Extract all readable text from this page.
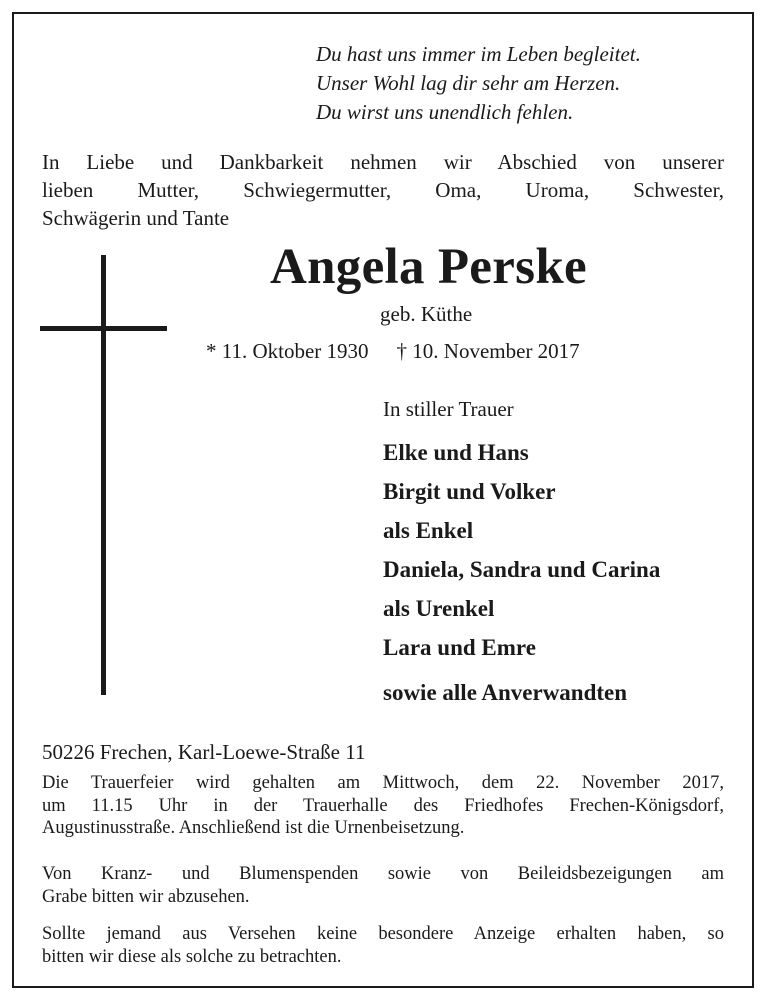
Du hast uns immer im Leben begleitet.
Unser Wohl lag dir sehr am Herzen.
Du wirst uns unendlich fehlen.
In Liebe und Dankbarkeit nehmen wir Abschied von unserer
lieben Mutter, Schwiegermutter, Oma, Uroma, Schwester,
Schwägerin und Tante
Angela Perske
geb. Küthe
* 11. Oktober 1930 † 10. November 2017
In stiller Trauer
Elke und Hans
Birgit und Volker
als Enkel
Daniela, Sandra und Carina
als Urenkel
Lara und Emre
sowie alle Anverwandten
50226 Frechen, Karl-Loewe-Straße 11
Die Trauerfeier wird gehalten am Mittwoch, dem 22. November 2017,
um 11.15 Uhr in der Trauerhalle des Friedhofes Frechen-Königsdorf,
Augustinusstraße. Anschließend ist die Urnenbeisetzung.
Von Kranz- und Blumenspenden sowie von Beileidsbezeigungen am
Grabe bitten wir abzusehen.
Sollte jemand aus Versehen keine besondere Anzeige erhalten haben, so
bitten wir diese als solche zu betrachten.
